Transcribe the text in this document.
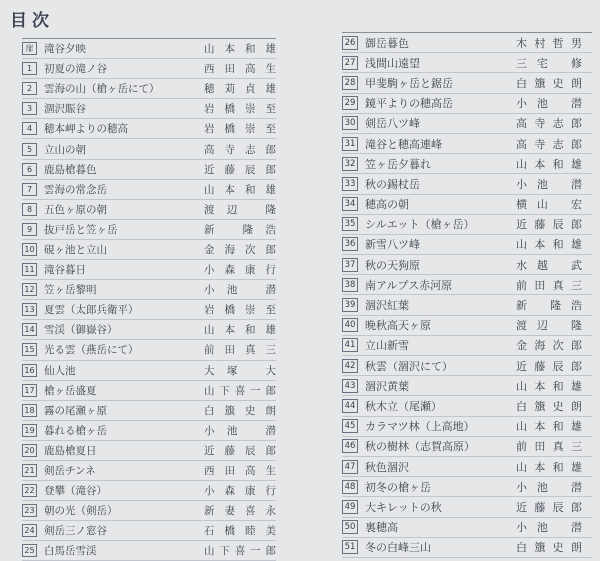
目次
扉	滝谷夕映	山本和雄
1	初夏の滝ノ谷	西田高生
2	雲海の山（槍ヶ岳にて）	穂苅貞雄
3	涸沢賑谷	岩橋崇至
4	穂本岬よりの穂高	岩橋崇至
5	立山の朝	高寺志郎
6	鹿島槍暮色	近藤辰郎
7	雲海の常念岳	山本和雄
8	五色ヶ原の朝	渡辺 隆
9	抜戸岳と笠ヶ岳	新 隆浩
10 硯ヶ池と立山	金海次郎
11 滝谷暮日	小森康行
12 笠ヶ岳黎明	小池 潜
13 夏雲（太郎兵衛平）	岩橋崇至
14 雪渓（御嶽谷）	山本和雄
15 光る雲（燕岳にて）	前田真三
16 仙人池	大塚 大
17 槍ヶ岳盛夏	山下喜一郎
18 霧の尾瀬ヶ原	白籏史朗
19 暮れる槍ヶ岳	小池 潜
20 鹿島槍夏日	近藤辰郎
21 剣岳チンネ	西田高生
22 登攀（滝谷）	小森康行
23 朝の光（剣岳）	新妻喜永
24 剣岳三ノ窓谷	石橋睦美
25 白馬岳雪渓	山下喜一郎
26 御岳暮色	木村哲男
27 浅間山遠望	三宅 修
28 甲斐駒ヶ岳と鋸岳	白籏史朗
29 鏡平よりの穂高岳	小池 潜
30 剣岳八ツ峰	高寺志郎
31 滝谷と穂高連峰	高寺志郎
32 笠ヶ岳夕暮れ	山本和雄
33 秋の錫杖岳	小池 潜
34 穂高の朝	横山 宏
35 シルエット（槍ヶ岳）	近藤辰郎
36 新雪八ツ峰	山本和雄
37 秋の天狗原	水越 武
38 南アルプス赤河原	前田真三
39 涸沢紅葉	新 隆浩
40 晩秋高天ヶ原	渡辺 隆
41 立山新雪	金海次郎
42 秋雲（涸沢にて）	近藤辰郎
43 涸沢黄葉	山本和雄
44 秋木立（尾瀬）	白籏史朗
45 カラマツ林（上高地）	山本和雄
46 秋の樹林（志賀高原）	前田真三
47 秋色涸沢	山本和雄
48 初冬の槍ヶ岳	小池 潜
49 大キレットの秋	近藤辰郎
50 裏穂高	小池 潜
51 冬の白峰三山	白籏史朗
